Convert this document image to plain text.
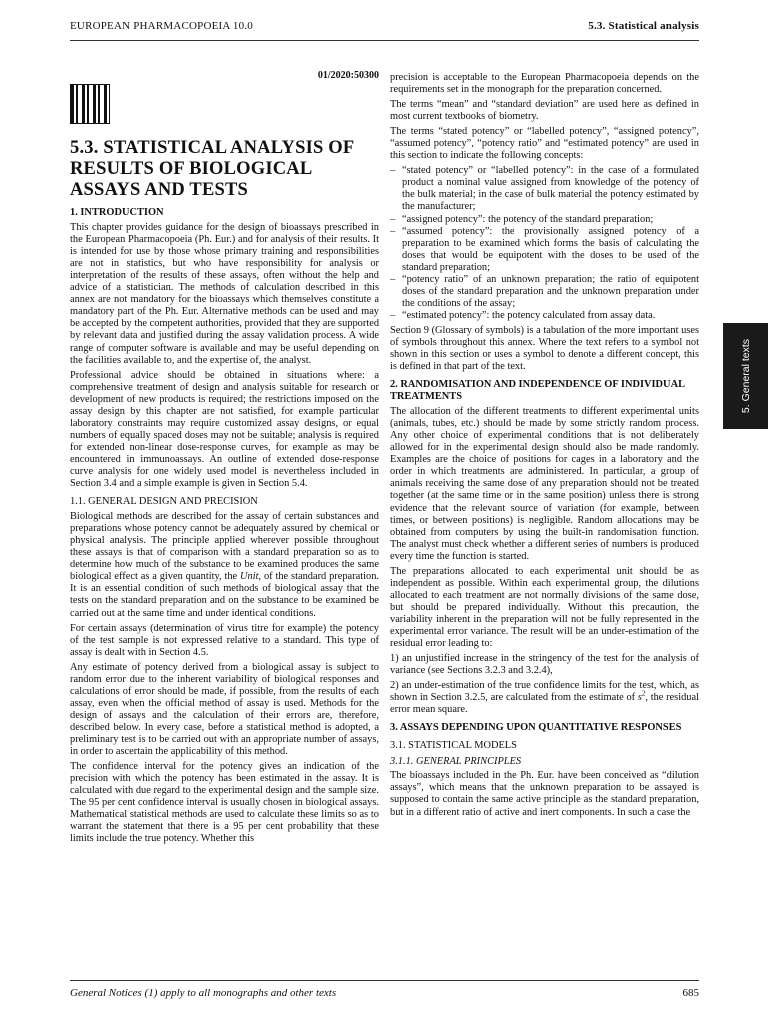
EUROPEAN PHARMACOPOEIA 10.0	5.3. Statistical analysis
5. General texts
01/2020:50300
5.3. STATISTICAL ANALYSIS OF RESULTS OF BIOLOGICAL ASSAYS AND TESTS
1. INTRODUCTION

This chapter provides guidance for the design of bioassays prescribed in the European Pharmacopoeia (Ph. Eur.) and for analysis of their results. It is intended for use by those whose primary training and responsibilities are not in statistics, but who have responsibility for analysis or interpretation of the results of these assays, often without the help and advice of a statistician. The methods of calculation described in this annex are not mandatory for the bioassays which themselves constitute a mandatory part of the Ph. Eur. Alternative methods can be used and may be accepted by the competent authorities, provided that they are supported by relevant data and justified during the assay validation process. A wide range of computer software is available and may be useful depending on the facilities available to, and the expertise of, the analyst.

Professional advice should be obtained in situations where: a comprehensive treatment of design and analysis suitable for research or development of new products is required; the restrictions imposed on the assay design by this chapter are not satisfied, for example particular laboratory constraints may require customized assay designs, or equal numbers of equally spaced doses may not be suitable; analysis is required for extended non-linear dose-response curves, for example as may be encountered in immunoassays. An outline of extended dose-response curve analysis for one widely used model is nevertheless included in Section 3.4 and a simple example is given in Section 5.4.

1.1. GENERAL DESIGN AND PRECISION

Biological methods are described for the assay of certain substances and preparations whose potency cannot be adequately assured by chemical or physical analysis. The principle applied wherever possible throughout these assays is that of comparison with a standard preparation so as to determine how much of the substance to be examined produces the same biological effect as a given quantity, the Unit, of the standard preparation. It is an essential condition of such methods of biological assay that the tests on the standard preparation and on the substance to be examined be carried out at the same time and under identical conditions.

For certain assays (determination of virus titre for example) the potency of the test sample is not expressed relative to a standard. This type of assay is dealt with in Section 4.5.

Any estimate of potency derived from a biological assay is subject to random error due to the inherent variability of biological responses and calculations of error should be made, if possible, from the results of each assay, even when the official method of assay is used. Methods for the design of assays and the calculation of their errors are, therefore, described below. In every case, before a statistical method is adopted, a preliminary test is to be carried out with an appropriate number of assays, in order to ascertain the applicability of this method.

The confidence interval for the potency gives an indication of the precision with which the potency has been estimated in the assay. It is calculated with due regard to the experimental design and the sample size. The 95 per cent confidence interval is usually chosen in biological assays. Mathematical statistical methods are used to calculate these limits so as to warrant the statement that there is a 95 per cent probability that these limits include the true potency. Whether this

precision is acceptable to the European Pharmacopoeia depends on the requirements set in the monograph for the preparation concerned.

The terms “mean” and “standard deviation” are used here as defined in most current textbooks of biometry.

The terms “stated potency” or “labelled potency”, “assigned potency”, “assumed potency”, “potency ratio” and “estimated potency” are used in this section to indicate the following concepts:

– “stated potency” or “labelled potency”: in the case of a formulated product a nominal value assigned from knowledge of the potency of the bulk material; in the case of bulk material the potency estimated by the manufacturer;
– “assigned potency”: the potency of the standard preparation;
– “assumed potency”: the provisionally assigned potency of a preparation to be examined which forms the basis of calculating the doses that would be equipotent with the doses to be used of the standard preparation;
– “potency ratio” of an unknown preparation; the ratio of equipotent doses of the standard preparation and the unknown preparation under the conditions of the assay;
– “estimated potency”: the potency calculated from assay data.

Section 9 (Glossary of symbols) is a tabulation of the more important uses of symbols throughout this annex. Where the text refers to a symbol not shown in this section or uses a symbol to denote a different concept, this is defined in that part of the text.

2. RANDOMISATION AND INDEPENDENCE OF INDIVIDUAL TREATMENTS

The allocation of the different treatments to different experimental units (animals, tubes, etc.) should be made by some strictly random process. Any other choice of experimental conditions that is not deliberately allowed for in the experimental design should also be made randomly. Examples are the choice of positions for cages in a laboratory and the order in which treatments are administered. In particular, a group of animals receiving the same dose of any preparation should not be treated together (at the same time or in the same position) unless there is strong evidence that the relevant source of variation (for example, between times, or between positions) is negligible. Random allocations may be obtained from computers by using the built-in randomisation function. The analyst must check whether a different series of numbers is produced every time the function is started.

The preparations allocated to each experimental unit should be as independent as possible. Within each experimental group, the dilutions allocated to each treatment are not normally divisions of the same dose, but should be prepared individually. Without this precaution, the variability inherent in the preparation will not be fully represented in the experimental error variance. The result will be an under-estimation of the residual error leading to:

1) an unjustified increase in the stringency of the test for the analysis of variance (see Sections 3.2.3 and 3.2.4),

2) an under-estimation of the true confidence limits for the test, which, as shown in Section 3.2.5, are calculated from the estimate of $s^2$, the residual error mean square.

3. ASSAYS DEPENDING UPON QUANTITATIVE RESPONSES
3.1. STATISTICAL MODELS
3.1.1. GENERAL PRINCIPLES

The bioassays included in the Ph. Eur. have been conceived as “dilution assays”, which means that the unknown preparation to be assayed is supposed to contain the same active principle as the standard preparation, but in a different ratio of active and inert components. In such a case the

General Notices (1) apply to all monographs and other texts	685
